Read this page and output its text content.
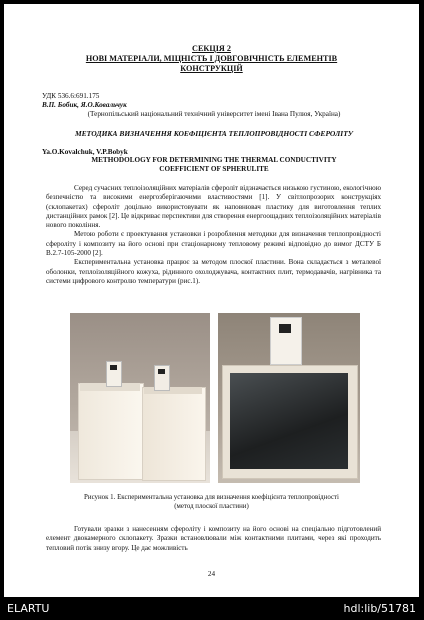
СЕКЦІЯ 2
НОВІ МАТЕРІАЛИ, МІЦНІСТЬ І ДОВГОВІЧНІСТЬ ЕЛЕМЕНТІВ
КОНСТРУКЦІЙ
УДК 536.6:691.175
В.П. Бобик, Я.О.Ковальчук
(Тернопільський національний технічний університет імені Івана Пулюя, Україна)
МЕТОДИКА ВИЗНАЧЕННЯ КОЕФІЦІЄНТА ТЕПЛОПРОВІДНОСТІ СФЕРОЛІТУ
Ya.O.Kovalchuk, V.P.Bobyk
METHODOLOGY FOR DETERMINING THE THERMAL CONDUCTIVITY
COEFFICIENT OF SPHERULITE

Серед сучасних теплоізоляційних матеріалів сферолiт відзначається низькою густиною, екологічною безпечністю та високими енергозберігаючими властивостями [1]. У світлопрозорих конструкціях (склопакетах) сферолiт доцільно використовувати як наповнювач пластику для виготовлення теплих дистанційних рамок [2]. Це відкриває перспективи для створення енергоощадних теплоізоляційних матеріалів нового покоління.

Метою роботи є проектування установки і розроблення методики для визначення теплопровідності сферолiту і композиту на його основі при стаціонарному тепловому режимі відповідно до вимог ДСТУ Б В.2.7-105-2000 [2].

Експериментальна установка працює за методом плоскої пластини. Вона складається з металевої оболонки, теплоізоляційного кожуха, рідинного охолоджувача, контактних плит, термодавачів, нагрівника та системи цифрового контролю температури (рис.1).

Рисунок 1. Експериментальна установка для визначення коефіцієнта теплопровідності
(метод плоскої пластини)

Готували зразки з нанесенням сферолiту і композиту на його основі на спеціально підготовлений елемент двокамерного склопакету. Зразки встановлювали між контактними плитами, через які проходить тепловий потік знизу вгору. Це дає можливість

24
ELARTU	hdl:lib/51781
